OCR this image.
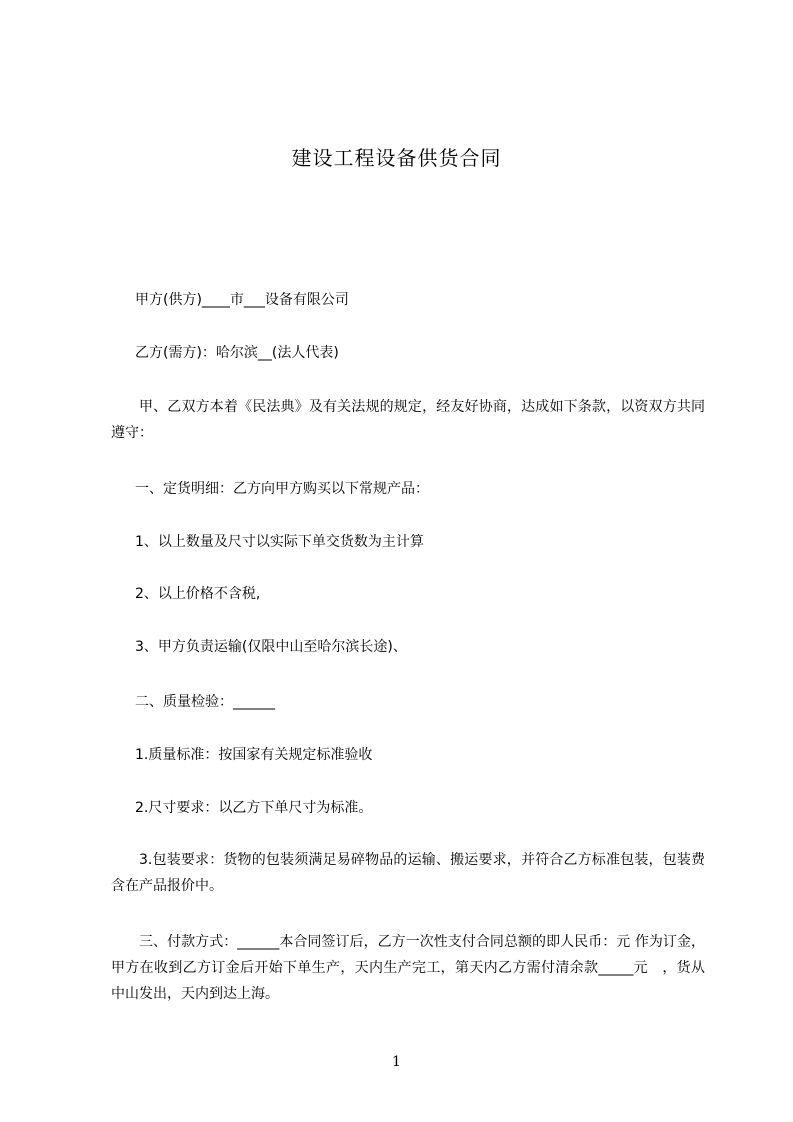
建设工程设备供货合同
甲方(供方)____市___设备有限公司
乙方(需方)：哈尔滨__(法人代表)
甲、乙双方本着《民法典》及有关法规的规定，经友好协商，达成如下条款，以资双方共同遵守：
一、定货明细：乙方向甲方购买以下常规产品：
1、以上数量及尺寸以实际下单交货数为主计算
2、以上价格不含税,
3、甲方负责运输(仅限中山至哈尔滨长途)、
二、质量检验：______
1.质量标准：按国家有关规定标准验收
2.尺寸要求：以乙方下单尺寸为标准。
3.包装要求：货物的包装须满足易碎物品的运输、搬运要求，并符合乙方标准包装，包装费含在产品报价中。
三、付款方式：______本合同签订后，乙方一次性支付合同总额的即人民币：元 作为订金，甲方在收到乙方订金后开始下单生产，天内生产完工，第天内乙方需付清余款_____元　，货从中山发出，天内到达上海。
1
